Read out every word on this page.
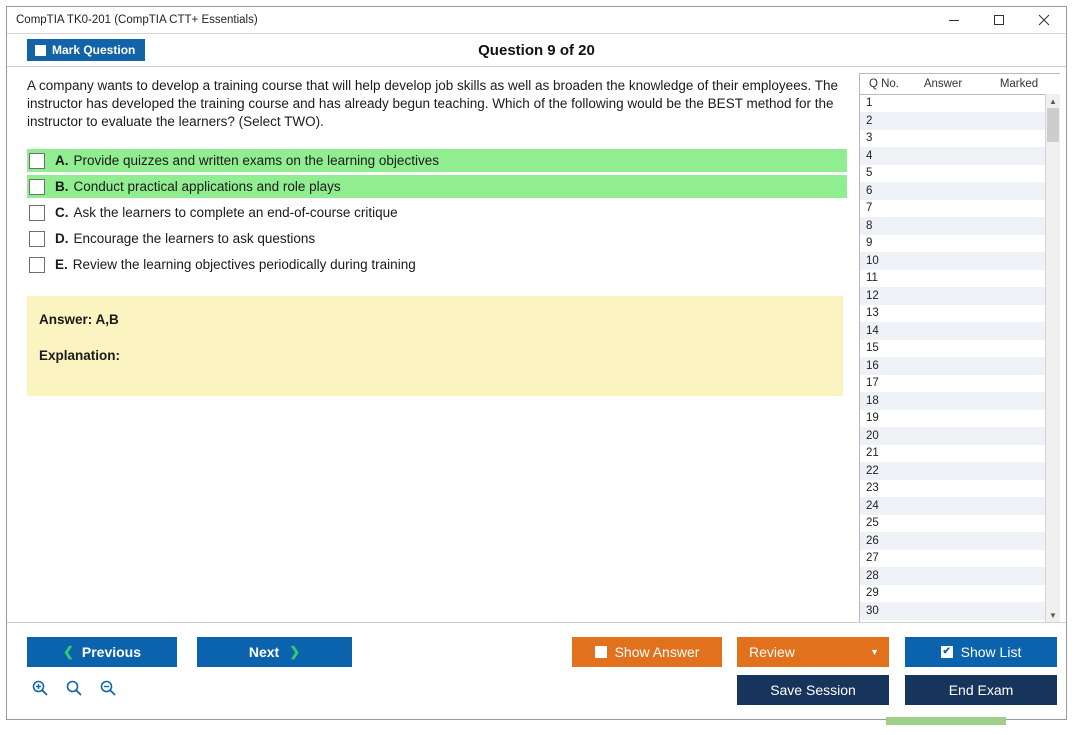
CompTIA TK0-201 (CompTIA CTT+ Essentials)
Mark Question	Question 9 of 20
A company wants to develop a training course that will help develop job skills as well as broaden the knowledge of their employees. The instructor has developed the training course and has already begun teaching. Which of the following would be the BEST method for the instructor to evaluate the learners? (Select TWO).
A. Provide quizzes and written exams on the learning objectives
B. Conduct practical applications and role plays
C. Ask the learners to complete an end-of-course critique
D. Encourage the learners to ask questions
E. Review the learning objectives periodically during training
Answer: A,B
Explanation:
Q No.	Answer	Marked
1
2
3
4
5
6
7
8
9
10
11
12
13
14
15
16
17
18
19
20
21
22
23
24
25
26
27
28
29
30
▲
▼
❮ Previous	Next ❯	Show Answer	Review	▼	✔ Show List
Save Session	End Exam
